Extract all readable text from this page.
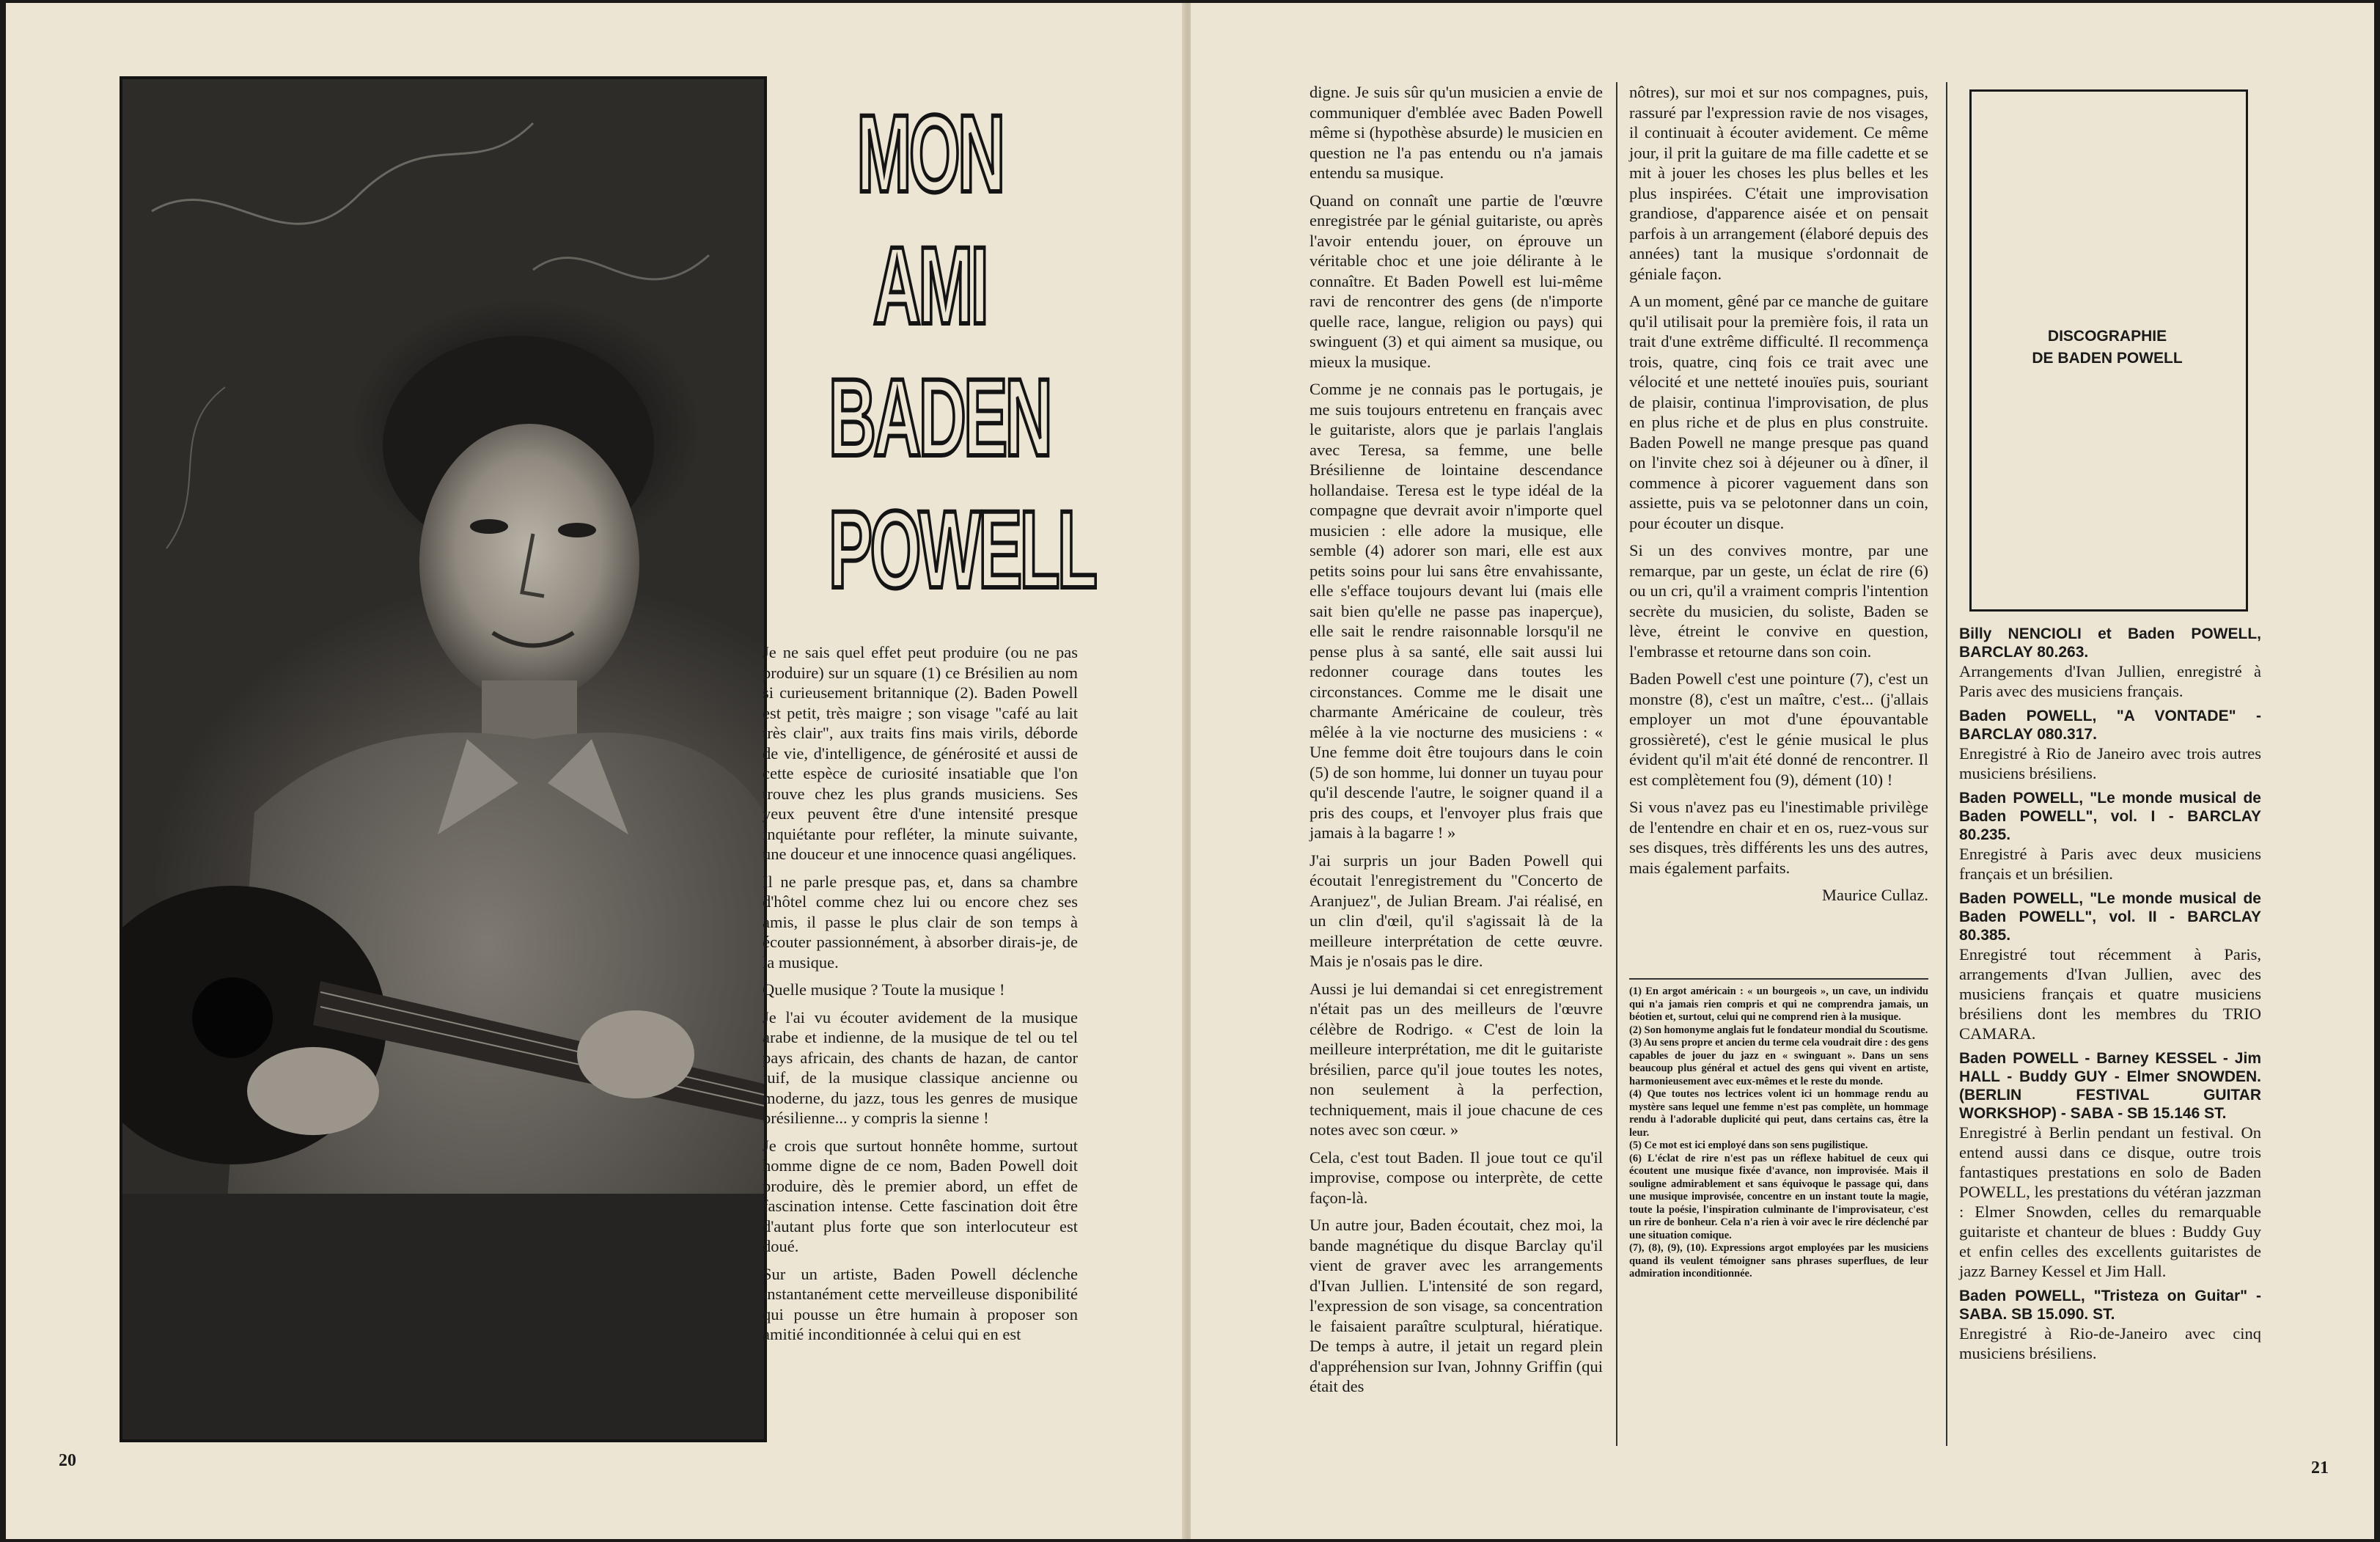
MON
AMI
BADEN
POWELL

Je ne sais quel effet peut produire (ou ne pas produire) sur un square (1) ce Brésilien au nom si curieusement britannique (2). Baden Powell est petit, très maigre ; son visage "café au lait très clair", aux traits fins mais virils, déborde de vie, d'intelligence, de générosité et aussi de cette espèce de curiosité insatiable que l'on trouve chez les plus grands musiciens. Ses yeux peuvent être d'une intensité presque inquiétante pour refléter, la minute suivante, une douceur et une innocence quasi angéliques.

Il ne parle presque pas, et, dans sa chambre d'hôtel comme chez lui ou encore chez ses amis, il passe le plus clair de son temps à écouter passionnément, à absorber dirais-je, de la musique.

Quelle musique ? Toute la musique !

Je l'ai vu écouter avidement de la musique arabe et indienne, de la musique de tel ou tel pays africain, des chants de hazan, de cantor juif, de la musique classique ancienne ou moderne, du jazz, tous les genres de musique brésilienne... y compris la sienne !

Je crois que surtout honnête homme, surtout homme digne de ce nom, Baden Powell doit produire, dès le premier abord, un effet de fascination intense. Cette fascination doit être d'autant plus forte que son interlocuteur est doué.

Sur un artiste, Baden Powell déclenche instantanément cette merveilleuse disponibilité qui pousse un être humain à proposer son amitié inconditionnée à celui qui en est

20

digne. Je suis sûr qu'un musicien a envie de communiquer d'emblée avec Baden Powell même si (hypothèse absurde) le musicien en question ne l'a pas entendu ou n'a jamais entendu sa musique.

Quand on connaît une partie de l'œuvre enregistrée par le génial guitariste, ou après l'avoir entendu jouer, on éprouve un véritable choc et une joie délirante à le connaître. Et Baden Powell est lui-même ravi de rencontrer des gens (de n'importe quelle race, langue, religion ou pays) qui swinguent (3) et qui aiment sa musique, ou mieux la musique.

Comme je ne connais pas le portugais, je me suis toujours entretenu en français avec le guitariste, alors que je parlais l'anglais avec Teresa, sa femme, une belle Brésilienne de lointaine descendance hollandaise. Teresa est le type idéal de la compagne que devrait avoir n'importe quel musicien : elle adore la musique, elle semble (4) adorer son mari, elle est aux petits soins pour lui sans être envahissante, elle s'efface toujours devant lui (mais elle sait bien qu'elle ne passe pas inaperçue), elle sait le rendre raisonnable lorsqu'il ne pense plus à sa santé, elle sait aussi lui redonner courage dans toutes les circonstances. Comme me le disait une charmante Américaine de couleur, très mêlée à la vie nocturne des musiciens : « Une femme doit être toujours dans le coin (5) de son homme, lui donner un tuyau pour qu'il descende l'autre, le soigner quand il a pris des coups, et l'envoyer plus frais que jamais à la bagarre ! »

J'ai surpris un jour Baden Powell qui écoutait l'enregistrement du "Concerto de Aranjuez", de Julian Bream. J'ai réalisé, en un clin d'œil, qu'il s'agissait là de la meilleure interprétation de cette œuvre. Mais je n'osais pas le dire.

Aussi je lui demandai si cet enregistrement n'était pas un des meilleurs de l'œuvre célèbre de Rodrigo. « C'est de loin la meilleure interprétation, me dit le guitariste brésilien, parce qu'il joue toutes les notes, non seulement à la perfection, techniquement, mais il joue chacune de ces notes avec son cœur. »

Cela, c'est tout Baden. Il joue tout ce qu'il improvise, compose ou interprète, de cette façon-là.

Un autre jour, Baden écoutait, chez moi, la bande magnétique du disque Barclay qu'il vient de graver avec les arrangements d'Ivan Jullien. L'intensité de son regard, l'expression de son visage, sa concentration le faisaient paraître sculptural, hiératique. De temps à autre, il jetait un regard plein d'appréhension sur Ivan, Johnny Griffin (qui était des

nôtres), sur moi et sur nos compagnes, puis, rassuré par l'expression ravie de nos visages, il continuait à écouter avidement. Ce même jour, il prit la guitare de ma fille cadette et se mit à jouer les choses les plus belles et les plus inspirées. C'était une improvisation grandiose, d'apparence aisée et on pensait parfois à un arrangement (élaboré depuis des années) tant la musique s'ordonnait de géniale façon.

A un moment, gêné par ce manche de guitare qu'il utilisait pour la première fois, il rata un trait d'une extrême difficulté. Il recommença trois, quatre, cinq fois ce trait avec une vélocité et une netteté inouïes puis, souriant de plaisir, continua l'improvisation, de plus en plus riche et de plus en plus construite. Baden Powell ne mange presque pas quand on l'invite chez soi à déjeuner ou à dîner, il commence à picorer vaguement dans son assiette, puis va se pelotonner dans un coin, pour écouter un disque.

Si un des convives montre, par une remarque, par un geste, un éclat de rire (6) ou un cri, qu'il a vraiment compris l'intention secrète du musicien, du soliste, Baden se lève, étreint le convive en question, l'embrasse et retourne dans son coin.

Baden Powell c'est une pointure (7), c'est un monstre (8), c'est un maître, c'est... (j'allais employer un mot d'une épouvantable grossièreté), c'est le génie musical le plus évident qu'il m'ait été donné de rencontrer. Il est complètement fou (9), dément (10) !

Si vous n'avez pas eu l'inestimable privilège de l'entendre en chair et en os, ruez-vous sur ses disques, très différents les uns des autres, mais également parfaits.

Maurice Cullaz.

(1) En argot américain : « un bourgeois », un cave, un individu qui n'a jamais rien compris et qui ne comprendra jamais, un béotien et, surtout, celui qui ne comprend rien à la musique.
(2) Son homonyme anglais fut le fondateur mondial du Scoutisme.
(3) Au sens propre et ancien du terme cela voudrait dire : des gens capables de jouer du jazz en « swinguant ». Dans un sens beaucoup plus général et actuel des gens qui vivent en artiste, harmonieusement avec eux-mêmes et le reste du monde.
(4) Que toutes nos lectrices volent ici un hommage rendu au mystère sans lequel une femme n'est pas complète, un hommage rendu à l'adorable duplicité qui peut, dans certains cas, être la leur.
(5) Ce mot est ici employé dans son sens pugilistique.
(6) L'éclat de rire n'est pas un réflexe habituel de ceux qui écoutent une musique fixée d'avance, non improvisée. Mais il souligne admirablement et sans équivoque le passage qui, dans une musique improvisée, concentre en un instant toute la magie, toute la poésie, l'inspiration culminante de l'improvisateur, c'est un rire de bonheur. Cela n'a rien à voir avec le rire déclenché par une situation comique.
(7), (8), (9), (10). Expressions argot employées par les musiciens quand ils veulent témoigner sans phrases superflues, de leur admiration inconditionnée.
DISCOGRAPHIE
DE BADEN POWELL
Billy NENCIOLI et Baden POWELL, BARCLAY 80.263.
Arrangements d'Ivan Jullien, enregistré à Paris avec des musiciens français.
Baden POWELL, "A VONTADE" - BARCLAY 080.317.
Enregistré à Rio de Janeiro avec trois autres musiciens brésiliens.
Baden POWELL, "Le monde musical de Baden POWELL", vol. I - BARCLAY 80.235.
Enregistré à Paris avec deux musiciens français et un brésilien.
Baden POWELL, "Le monde musical de Baden POWELL", vol. II - BARCLAY 80.385.
Enregistré tout récemment à Paris, arrangements d'Ivan Jullien, avec des musiciens français et quatre musiciens brésiliens dont les membres du TRIO CAMARA.
Baden POWELL - Barney KESSEL - Jim HALL - Buddy GUY - Elmer SNOWDEN. (BERLIN FESTIVAL GUITAR WORKSHOP) - SABA - SB 15.146 ST.
Enregistré à Berlin pendant un festival. On entend aussi dans ce disque, outre trois fantastiques prestations en solo de Baden POWELL, les prestations du vétéran jazzman : Elmer Snowden, celles du remarquable guitariste et chanteur de blues : Buddy Guy et enfin celles des excellents guitaristes de jazz Barney Kessel et Jim Hall.
Baden POWELL, "Tristeza on Guitar" - SABA. SB 15.090. ST.
Enregistré à Rio-de-Janeiro avec cinq musiciens brésiliens.
21
